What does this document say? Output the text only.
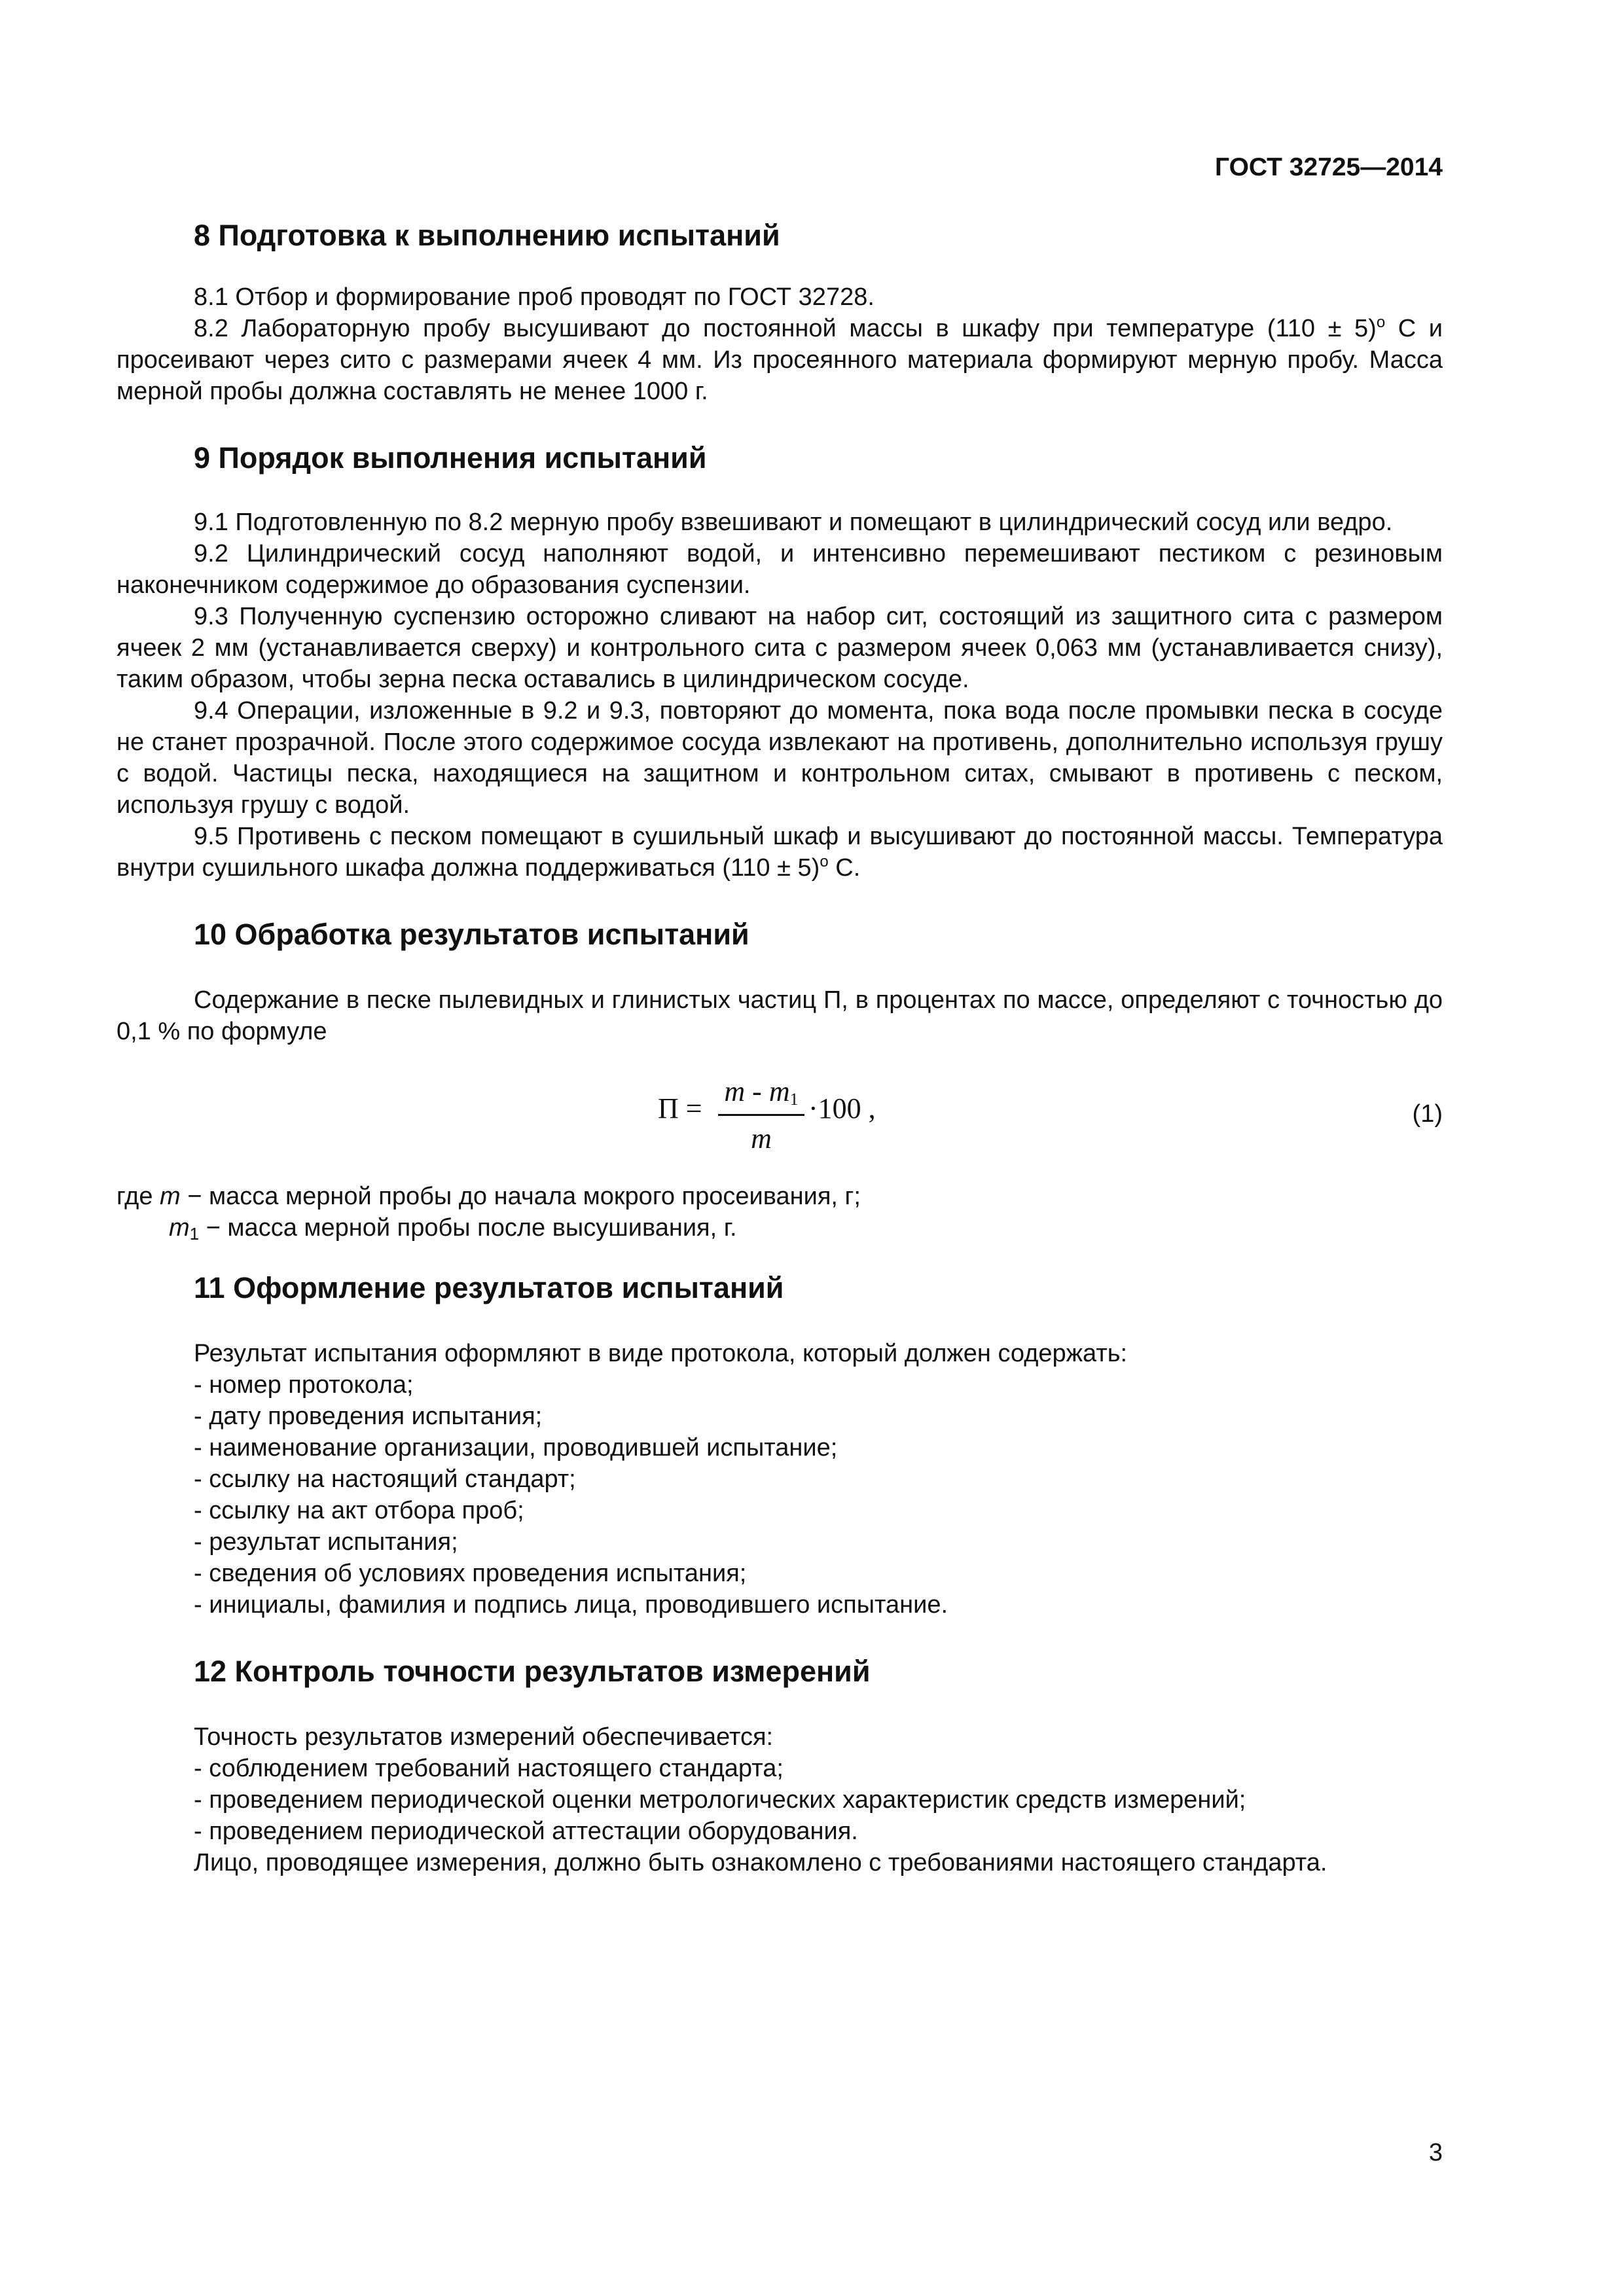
ГОСТ 32725—2014
8 Подготовка к выполнению испытаний

8.1 Отбор и формирование проб проводят по ГОСТ 32728.

8.2 Лабораторную пробу высушивают до постоянной массы в шкафу при температуре $(110 \pm 5)^о$ С и просеивают через сито с размерами ячеек 4 мм. Из просеянного материала формируют мерную пробу. Масса мерной пробы должна составлять не менее 1000 г.

9 Порядок выполнения испытаний

9.1 Подготовленную по 8.2 мерную пробу взвешивают и помещают в цилиндрический сосуд или ведро.

9.2 Цилиндрический сосуд наполняют водой, и интенсивно перемешивают пестиком с резиновым наконечником содержимое до образования суспензии.

9.3 Полученную суспензию осторожно сливают на набор сит, состоящий из защитного сита с размером ячеек 2 мм (устанавливается сверху) и контрольного сита с размером ячеек 0,063 мм (устанавливается снизу), таким образом, чтобы зерна песка оставались в цилиндрическом сосуде.

9.4 Операции, изложенные в 9.2 и 9.3, повторяют до момента, пока вода после промывки песка в сосуде не станет прозрачной. После этого содержимое сосуда извлекают на противень, дополнительно используя грушу с водой. Частицы песка, находящиеся на защитном и контрольном ситах, смывают в противень с песком, используя грушу с водой.

9.5 Противень с песком помещают в сушильный шкаф и высушивают до постоянной массы. Температура внутри сушильного шкафа должна поддерживаться $(110 \pm 5)^о$ С.

10 Обработка результатов испытаний

Содержание в песке пылевидных и глинистых частиц П, в процентах по массе, определяют с точностью до 0,1 % по формуле

П =
m - $m_1$
m
·100 ,	(1)

где m − масса мерной пробы до начала мокрого просеивания, г;

$m_1$ − масса мерной пробы после высушивания, г.

11 Оформление результатов испытаний

Результат испытания оформляют в виде протокола, который должен содержать:

- номер протокола;

- дату проведения испытания;

- наименование организации, проводившей испытание;

- ссылку на настоящий стандарт;

- ссылку на акт отбора проб;

- результат испытания;

- сведения об условиях проведения испытания;

- инициалы, фамилия и подпись лица, проводившего испытание.

12 Контроль точности результатов измерений

Точность результатов измерений обеспечивается:

- соблюдением требований настоящего стандарта;

- проведением периодической оценки метрологических характеристик средств измерений;

- проведением периодической аттестации оборудования.

Лицо, проводящее измерения, должно быть ознакомлено с требованиями настоящего стандарта.

3
